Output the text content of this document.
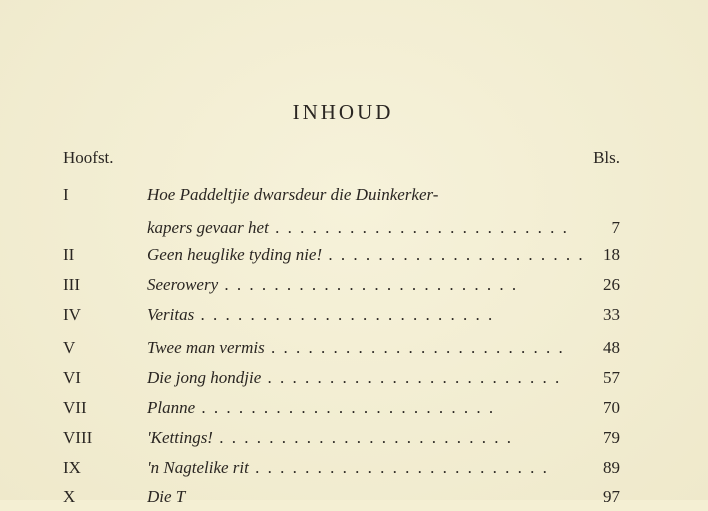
INHOUD
Hoofst.	Bls.
I	Hoe Paddeltjie dwarsdeur die Duinkerker-
kapers gevaar het . .	7
II	Geen heuglike tyding nie! . .	18
III	Seerowery . .	26
IV	Veritas . .	33
V	Twee man vermis . .	48
VI	Die jong hondjie . .	57
VII	Planne . .	70
VIII	'Kettings! . .	79
IX	'n Nagtelike rit . .	89
X	Die T	97
